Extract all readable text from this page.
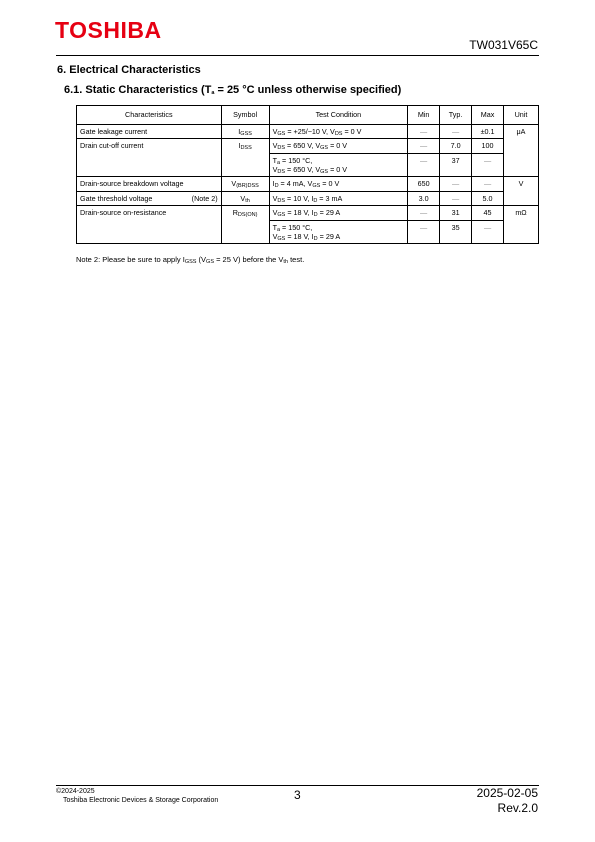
TOSHIBA
TW031V65C
6. Electrical Characteristics
6.1. Static Characteristics ($T_a = 25$ °C unless otherwise specified)
Characteristics	Symbol	Test Condition	Min	Typ.	Max	Unit
Gate leakage current	$I_{GSS}$	$V_{GS} = +25/-10$ V, $V_{DS} = 0$ V	—	—	±0.1	μA
Drain cut-off current	$I_{DSS}$	$V_{DS} = 650$ V, $V_{GS} = 0$ V	—	7.0	100	

		$T_a = 150$ °C,
$V_{DS} = 650$ V, $V_{GS} = 0$ V	—	37	—	
Drain-source breakdown voltage	$V_{(BR)DSS}$	$I_D = 4$ mA, $V_{GS} = 0$ V	650	—	—	V

Gate threshold voltage (Note 2)	$V_{th}$	$V_{DS} = 10$ V, $I_D = 3$ mA	3.0	—	5.0	
Drain-source on-resistance	$R_{DS(ON)}$	$V_{GS} = 18$ V, $I_D = 29$ A	—	31	45	mΩ

		$T_a = 150$ °C,
$V_{GS} = 18$ V, $I_D = 29$ A	—	35	—	
Note 2: Please be sure to apply $I_{GSS}$ ($V_{GS} = 25$ V) before the $V_{th}$ test.
©2024-2025
Toshiba Electronic Devices & Storage Corporation	3	2025-02-05
Rev.2.0
